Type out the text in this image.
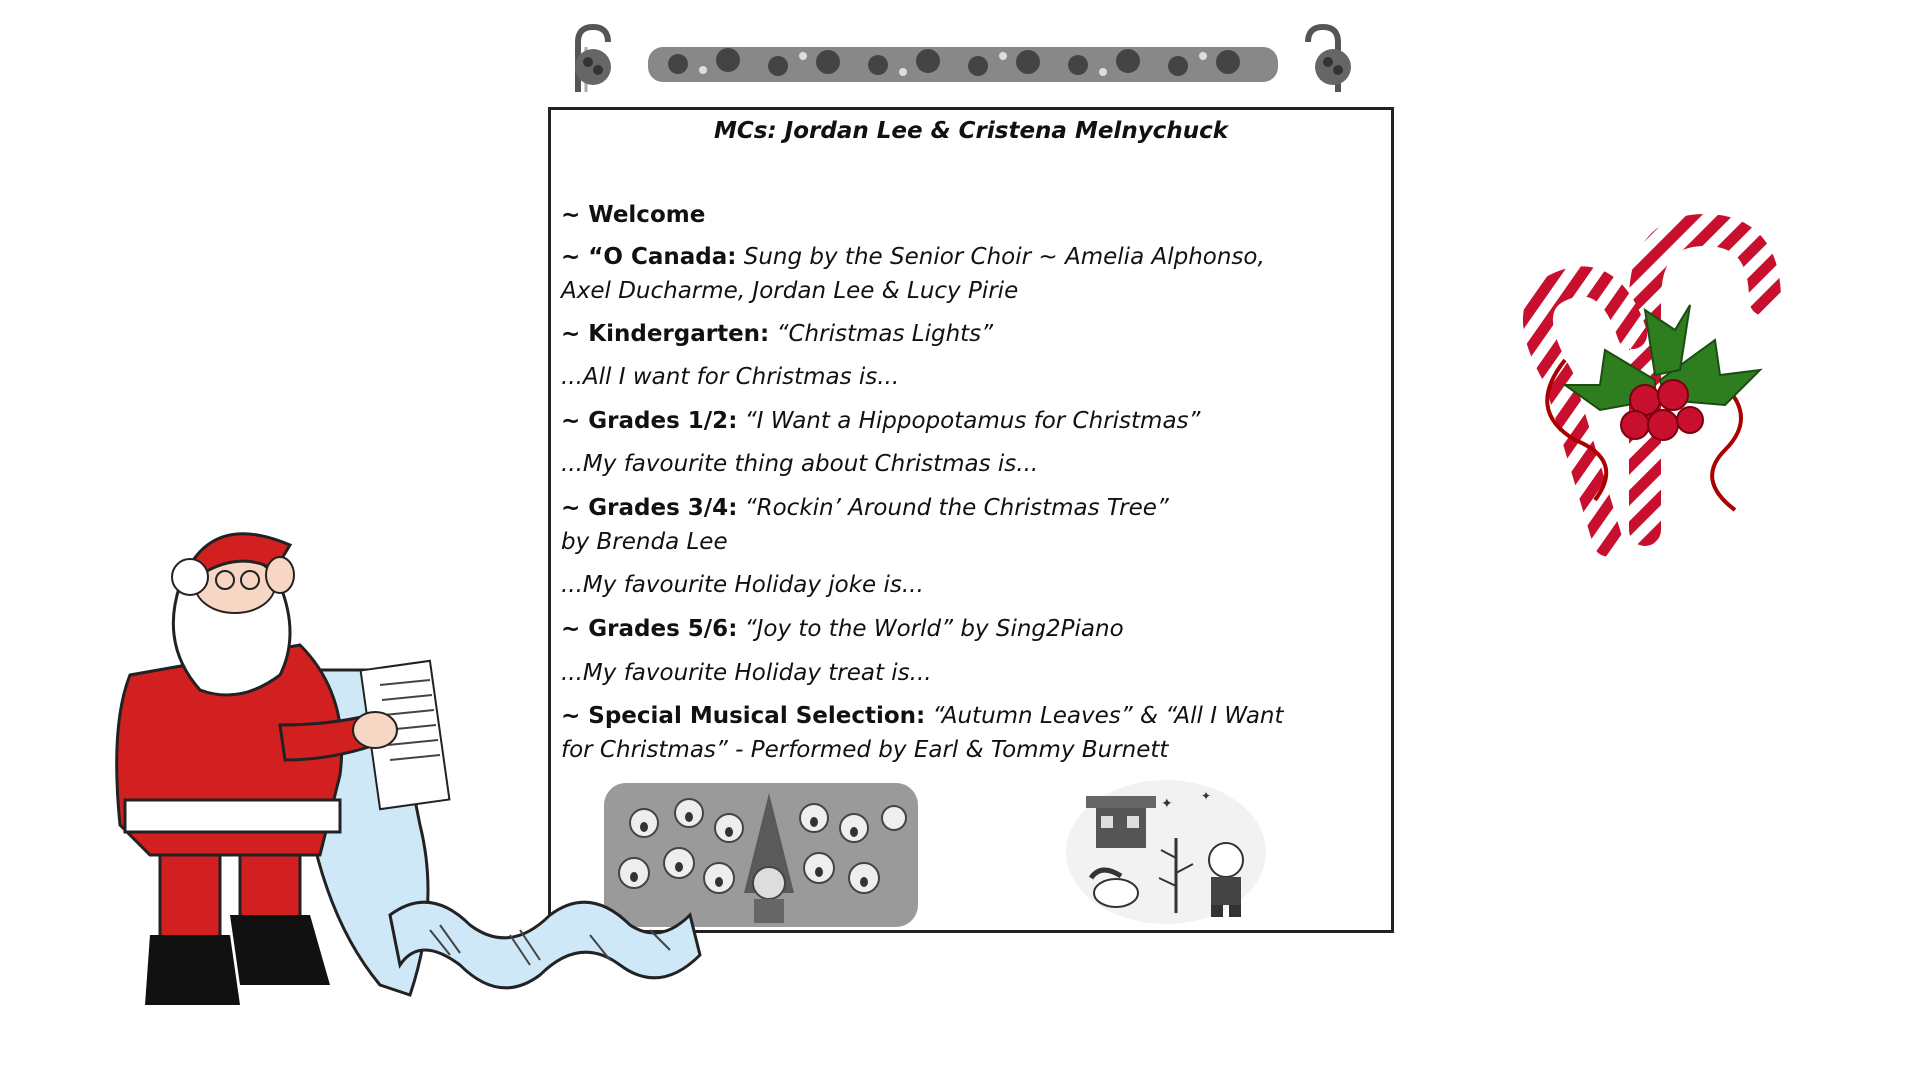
MCs: Jordan Lee & Cristena Melnychuck
~ Welcome
~ “O Canada: Sung by the Senior Choir ~ Amelia Alphonso,
Axel Ducharme, Jordan Lee & Lucy Pirie
~ Kindergarten: “Christmas Lights”
...All I want for Christmas is...
~ Grades 1/2: “I Want a Hippopotamus for Christmas”
...My favourite thing about Christmas is...
~ Grades 3/4: “Rockin’ Around the Christmas Tree”
by Brenda Lee
...My favourite Holiday joke is...
~ Grades 5/6: “Joy to the World” by Sing2Piano
...My favourite Holiday treat is...
~ Special Musical Selection: “Autumn Leaves” & “All I Want
for Christmas” - Performed by Earl & Tommy Burnett
✦ ✦
